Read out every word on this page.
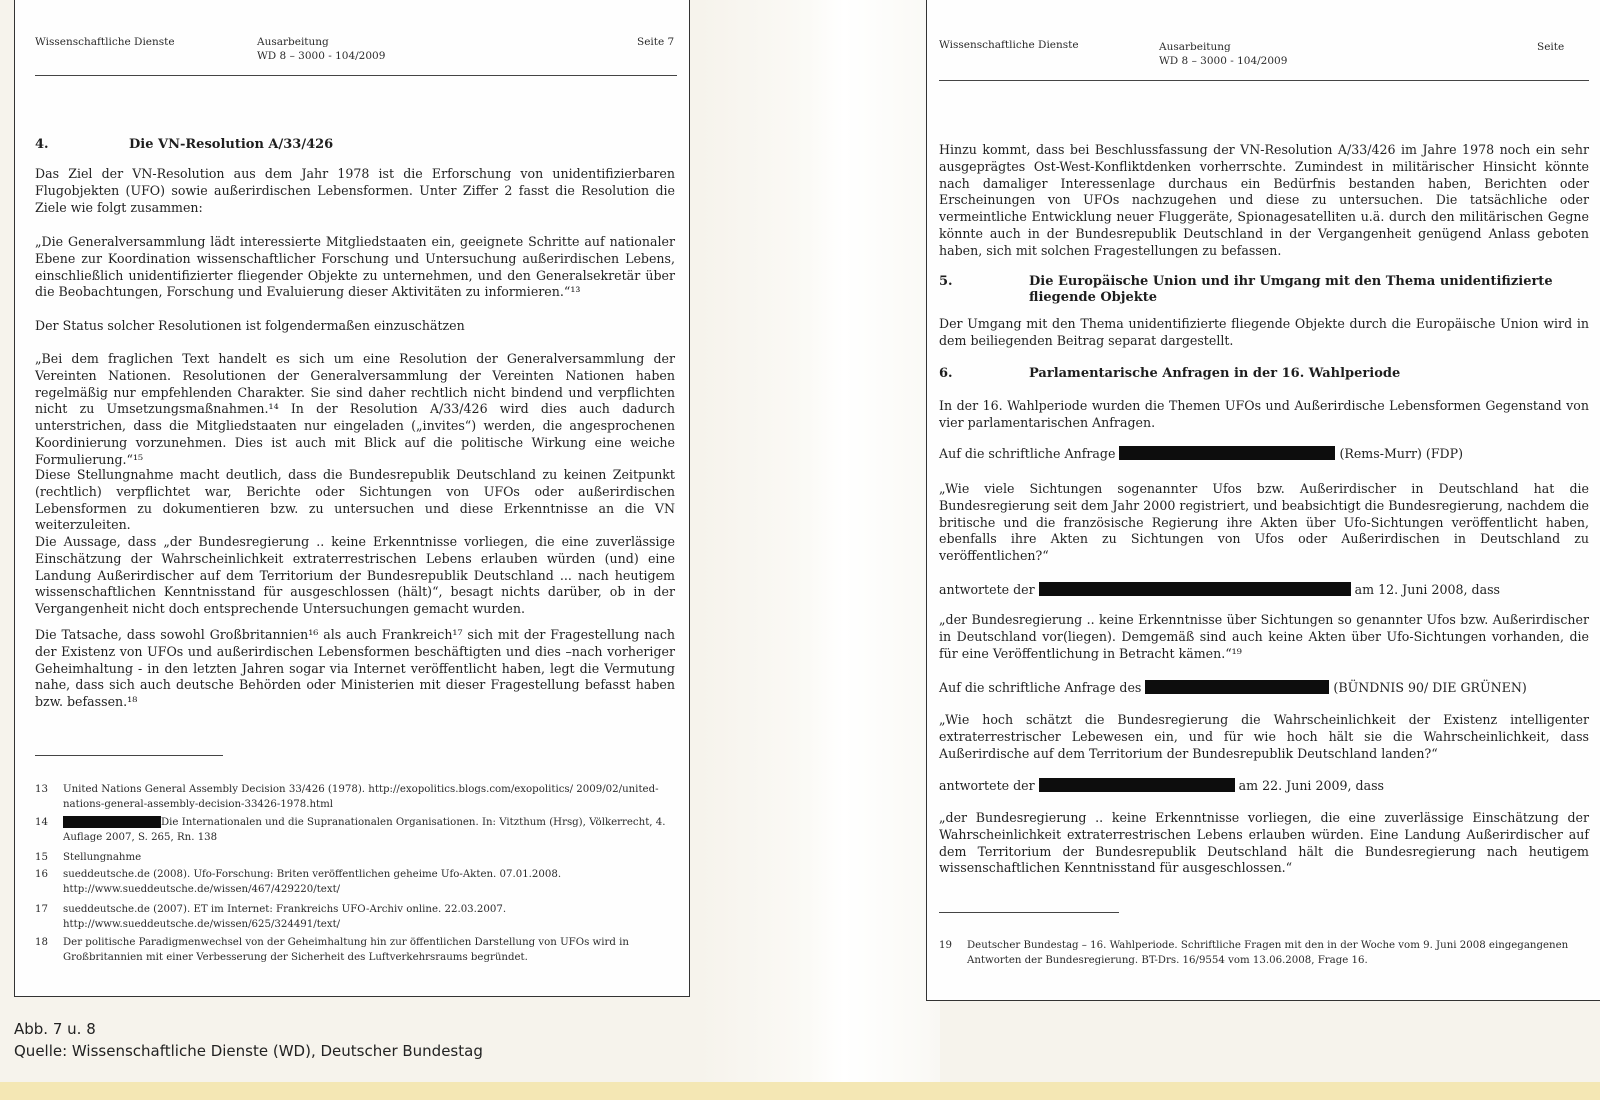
Wissenschaftliche Dienste	Ausarbeitung
WD 8 – 3000 - 104/2009
Seite 7
4.	Die VN-Resolution A/33/426
Das Ziel der VN-Resolution aus dem Jahr 1978 ist die Erforschung von unidentifizierbaren Flugobjekten (UFO) sowie außerirdischen Lebensformen. Unter Ziffer 2 fasst die Resolution die Ziele wie folgt zusammen:
„Die Generalversammlung lädt interessierte Mitgliedstaaten ein, geeignete Schritte auf nationaler Ebene zur Koordination wissenschaftlicher Forschung und Untersuchung außerirdischen Lebens, einschließlich unidentifizierter fliegender Objekte zu unternehmen, und den Generalsekretär über die Beobachtungen, Forschung und Evaluierung dieser Aktivitäten zu informieren.“¹³
Der Status solcher Resolutionen ist folgendermaßen einzuschätzen
„Bei dem fraglichen Text handelt es sich um eine Resolution der Generalversammlung der Vereinten Nationen. Resolutionen der Generalversammlung der Vereinten Nationen haben regelmäßig nur empfehlenden Charakter. Sie sind daher rechtlich nicht bindend und verpflichten nicht zu Umsetzungsmaßnahmen.¹⁴ In der Resolution A/33/426 wird dies auch dadurch unterstrichen, dass die Mitgliedstaaten nur eingeladen („invites“) werden, die angesprochenen Koordinierung vorzunehmen. Dies ist auch mit Blick auf die politische Wirkung eine weiche Formulierung.“¹⁵
Diese Stellungnahme macht deutlich, dass die Bundesrepublik Deutschland zu keinen Zeitpunkt (rechtlich) verpflichtet war, Berichte oder Sichtungen von UFOs oder außerirdischen Lebensformen zu dokumentieren bzw. zu untersuchen und diese Erkenntnisse an die VN weiterzuleiten.
Die Aussage, dass „der Bundesregierung .. keine Erkenntnisse vorliegen, die eine zuverlässige Einschätzung der Wahrscheinlichkeit extraterrestrischen Lebens erlauben würden (und) eine Landung Außerirdischer auf dem Territorium der Bundesrepublik Deutschland ... nach heutigem wissenschaftlichen Kenntnisstand für ausgeschlossen (hält)“, besagt nichts darüber, ob in der Vergangenheit nicht doch entsprechende Untersuchungen gemacht wurden.
Die Tatsache, dass sowohl Großbritannien¹⁶ als auch Frankreich¹⁷ sich mit der Fragestellung nach der Existenz von UFOs und außerirdischen Lebensformen beschäftigten und dies –nach vorheriger Geheimhaltung - in den letzten Jahren sogar via Internet veröffentlicht haben, legt die Vermutung nahe, dass sich auch deutsche Behörden oder Ministerien mit dieser Fragestellung befasst haben bzw. befassen.¹⁸
13 United Nations General Assembly Decision 33/426 (1978). http://exopolitics.blogs.com/exopolitics/ 2009/02/united-nations-general-assembly-decision-33426-1978.html
14	Die Internationalen und die Supranationalen Organisationen. In: Vitzthum (Hrsg), Völkerrecht, 4. Auflage 2007, S. 265, Rn. 138
15 Stellungnahme
16 sueddeutsche.de (2008). Ufo-Forschung: Briten veröffentlichen geheime Ufo-Akten. 07.01.2008. http://www.sueddeutsche.de/wissen/467/429220/text/
17 sueddeutsche.de (2007). ET im Internet: Frankreichs UFO-Archiv online. 22.03.2007. http://www.sueddeutsche.de/wissen/625/324491/text/
18 Der politische Paradigmenwechsel von der Geheimhaltung hin zur öffentlichen Darstellung von UFOs wird in Großbritannien mit einer Verbesserung der Sicherheit des Luftverkehrsraums begründet.
Wissenschaftliche Dienste	Ausarbeitung
WD 8 – 3000 - 104/2009
Seite
Hinzu kommt, dass bei Beschlussfassung der VN-Resolution A/33/426 im Jahre 1978 noch ein sehr ausgeprägtes Ost-West-Konfliktdenken vorherrschte. Zumindest in militärischer Hinsicht könnte nach damaliger Interessenlage durchaus ein Bedürfnis bestanden haben, Berichten oder Erscheinungen von UFOs nachzugehen und diese zu untersuchen. Die tatsächliche oder vermeintliche Entwicklung neuer Fluggeräte, Spionagesatelliten u.ä. durch den militärischen Gegne könnte auch in der Bundesrepublik Deutschland in der Vergangenheit genügend Anlass geboten haben, sich mit solchen Fragestellungen zu befassen.
5.	Die Europäische Union und ihr Umgang mit den Thema unidentifizierte fliegende Objekte
Der Umgang mit den Thema unidentifizierte fliegende Objekte durch die Europäische Union wird in dem beiliegenden Beitrag separat dargestellt.
6.	Parlamentarische Anfragen in der 16. Wahlperiode
In der 16. Wahlperiode wurden die Themen UFOs und Außerirdische Lebensformen Gegenstand von vier parlamentarischen Anfragen.
Auf die schriftliche Anfrage	(Rems-Murr) (FDP)
„Wie viele Sichtungen sogenannter Ufos bzw. Außerirdischer in Deutschland hat die Bundesregierung seit dem Jahr 2000 registriert, und beabsichtigt die Bundesregierung, nachdem die britische und die französische Regierung ihre Akten über Ufo-Sichtungen veröffentlicht haben, ebenfalls ihre Akten zu Sichtungen von Ufos oder Außerirdischen in Deutschland zu veröffentlichen?“
antwortete der	am 12. Juni 2008, dass
„der Bundesregierung .. keine Erkenntnisse über Sichtungen so genannter Ufos bzw. Außerirdischer in Deutschland vor(liegen). Demgemäß sind auch keine Akten über Ufo-Sichtungen vorhanden, die für eine Veröffentlichung in Betracht kämen.“¹⁹
Auf die schriftliche Anfrage des	(BÜNDNIS 90/ DIE GRÜNEN)
„Wie hoch schätzt die Bundesregierung die Wahrscheinlichkeit der Existenz intelligenter extraterrestrischer Lebewesen ein, und für wie hoch hält sie die Wahrscheinlichkeit, dass Außerirdische auf dem Territorium der Bundesrepublik Deutschland landen?“
antwortete der	am 22. Juni 2009, dass
„der Bundesregierung .. keine Erkenntnisse vorliegen, die eine zuverlässige Einschätzung der Wahrscheinlichkeit extraterrestrischen Lebens erlauben würden. Eine Landung Außerirdischer auf dem Territorium der Bundesrepublik Deutschland hält die Bundesregierung nach heutigem wissenschaftlichen Kenntnisstand für ausgeschlossen.“
19 Deutscher Bundestag – 16. Wahlperiode. Schriftliche Fragen mit den in der Woche vom 9. Juni 2008 eingegangenen Antworten der Bundesregierung. BT-Drs. 16/9554 vom 13.06.2008, Frage 16.
Abb. 7 u. 8
Quelle: Wissenschaftliche Dienste (WD), Deutscher Bundestag
